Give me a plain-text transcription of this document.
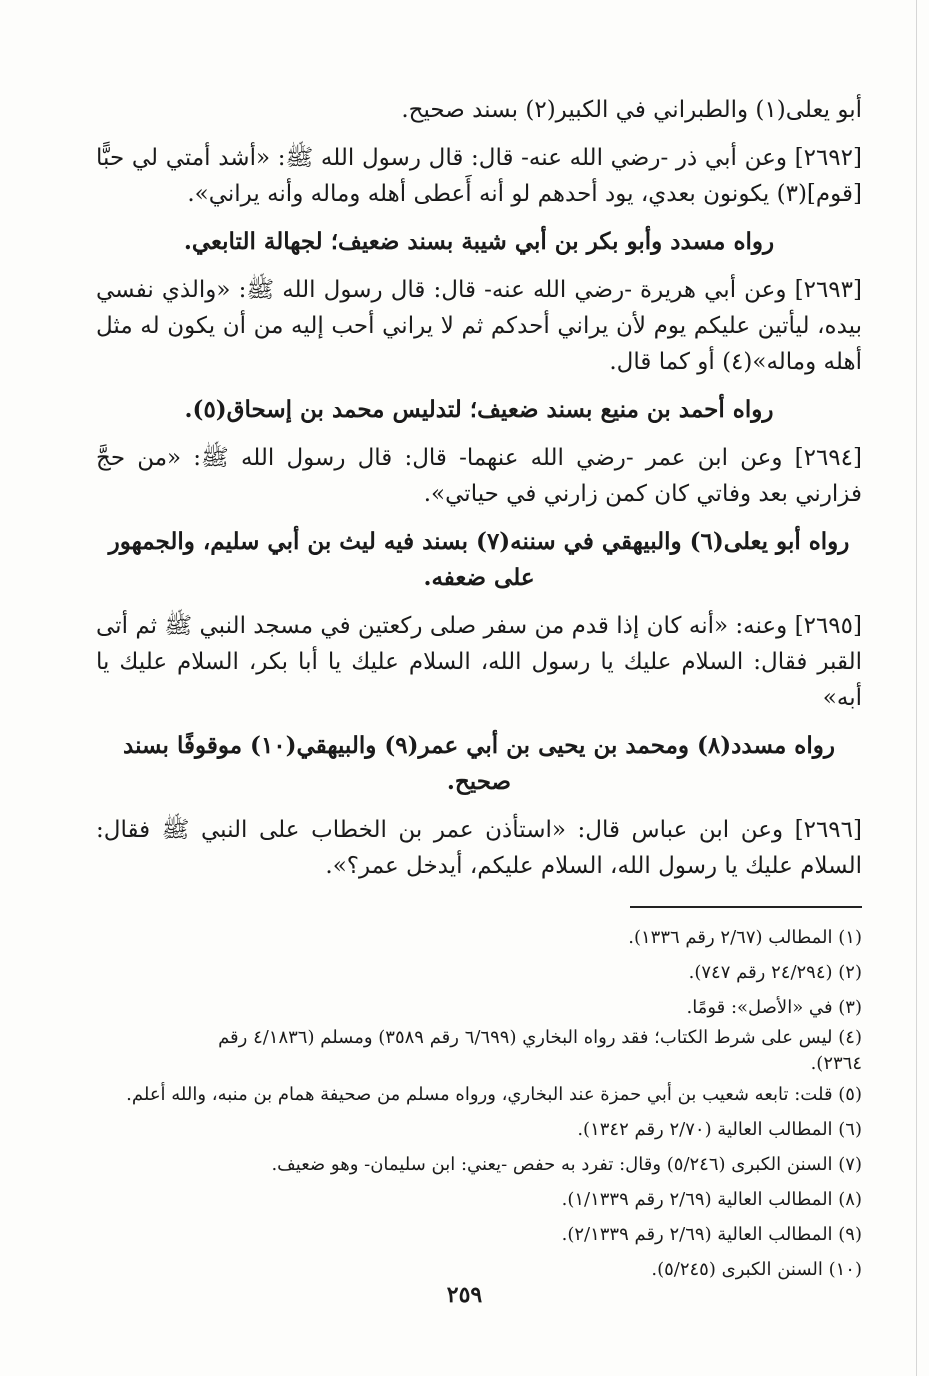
أبو يعلى(١) والطبراني في الكبير(٢) بسند صحيح.

[٢٦٩٢] وعن أبي ذر -رضي الله عنه- قال: قال رسول الله ﷺ: «أشد أمتي لي حبًّا [قوم](٣) يكونون بعدي، يود أحدهم لو أنه أَعطى أهله وماله وأنه يراني».

رواه مسدد وأبو بكر بن أبي شيبة بسند ضعيف؛ لجهالة التابعي.

[٢٦٩٣] وعن أبي هريرة -رضي الله عنه- قال: قال رسول الله ﷺ: «والذي نفسي بيده، ليأتين عليكم يوم لأن يراني أحدكم ثم لا يراني أحب إليه من أن يكون له مثل أهله وماله»(٤) أو كما قال.

رواه أحمد بن منيع بسند ضعيف؛ لتدليس محمد بن إسحاق(٥).

[٢٦٩٤] وعن ابن عمر -رضي الله عنهما- قال: قال رسول الله ﷺ: «من حجَّ فزارني بعد وفاتي كان كمن زارني في حياتي».

رواه أبو يعلى(٦) والبيهقي في سننه(٧) بسند فيه ليث بن أبي سليم، والجمهور على ضعفه.

[٢٦٩٥] وعنه: «أنه كان إذا قدم من سفر صلى ركعتين في مسجد النبي ﷺ ثم أتى القبر فقال: السلام عليك يا رسول الله، السلام عليك يا أبا بكر، السلام عليك يا أبه»

رواه مسدد(٨) ومحمد بن يحيى بن أبي عمر(٩) والبيهقي(١٠) موقوفًا بسند صحيح.

[٢٦٩٦] وعن ابن عباس قال: «استأذن عمر بن الخطاب على النبي ﷺ فقال: السلام عليك يا رسول الله، السلام عليكم، أيدخل عمر؟».

(١) المطالب (٢/٦٧ رقم ١٣٣٦).

(٢) (٢٤/٢٩٤ رقم ٧٤٧).

(٣) في «الأصل»: قومًا.

(٤) ليس على شرط الكتاب؛ فقد رواه البخاري (٦/٦٩٩ رقم ٣٥٨٩) ومسلم (٤/١٨٣٦ رقم

٢٣٦٤).

(٥) قلت: تابعه شعيب بن أبي حمزة عند البخاري، ورواه مسلم من صحيفة همام بن منبه، والله أعلم.

(٦) المطالب العالية (٢/٧٠ رقم ١٣٤٢).

(٧) السنن الكبرى (٥/٢٤٦) وقال: تفرد به حفص -يعني: ابن سليمان- وهو ضعيف.

(٨) المطالب العالية (٢/٦٩ رقم ١/١٣٣٩).

(٩) المطالب العالية (٢/٦٩ رقم ٢/١٣٣٩).

(١٠) السنن الكبرى (٥/٢٤٥).

٢٥٩
